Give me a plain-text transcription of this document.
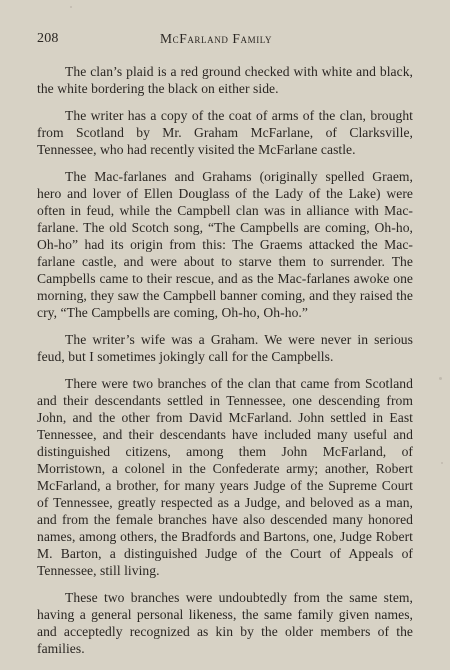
208	McFarland Family

The clan’s plaid is a red ground checked with white and black, the white bordering the black on either side.

The writer has a copy of the coat of arms of the clan, brought from Scotland by Mr. Graham McFarlane, of Clarksville, Tennessee, who had recently visited the McFarlane castle.

The Mac-farlanes and Grahams (originally spelled Graem, hero and lover of Ellen Douglass of the Lady of the Lake) were often in feud, while the Campbell clan was in alliance with Mac-farlane. The old Scotch song, “The Campbells are coming, Oh-ho, Oh-ho” had its origin from this: The Graems attacked the Mac-farlane castle, and were about to starve them to surrender. The Campbells came to their rescue, and as the Mac-farlanes awoke one morning, they saw the Campbell banner coming, and they raised the cry, “The Campbells are coming, Oh-ho, Oh-ho.”

The writer’s wife was a Graham. We were never in serious feud, but I sometimes jokingly call for the Campbells.

There were two branches of the clan that came from Scotland and their descendants settled in Tennessee, one descending from John, and the other from David McFarland. John settled in East Tennessee, and their descendants have included many useful and distinguished citizens, among them John McFarland, of Morristown, a colonel in the Confederate army; another, Robert McFarland, a brother, for many years Judge of the Supreme Court of Tennessee, greatly respected as a Judge, and beloved as a man, and from the female branches have also descended many honored names, among others, the Bradfords and Bartons, one, Judge Robert M. Barton, a distinguished Judge of the Court of Appeals of Tennessee, still living.

These two branches were undoubtedly from the same stem, having a general personal likeness, the same family given names, and acceptedly recognized as kin by the older members of the families.
